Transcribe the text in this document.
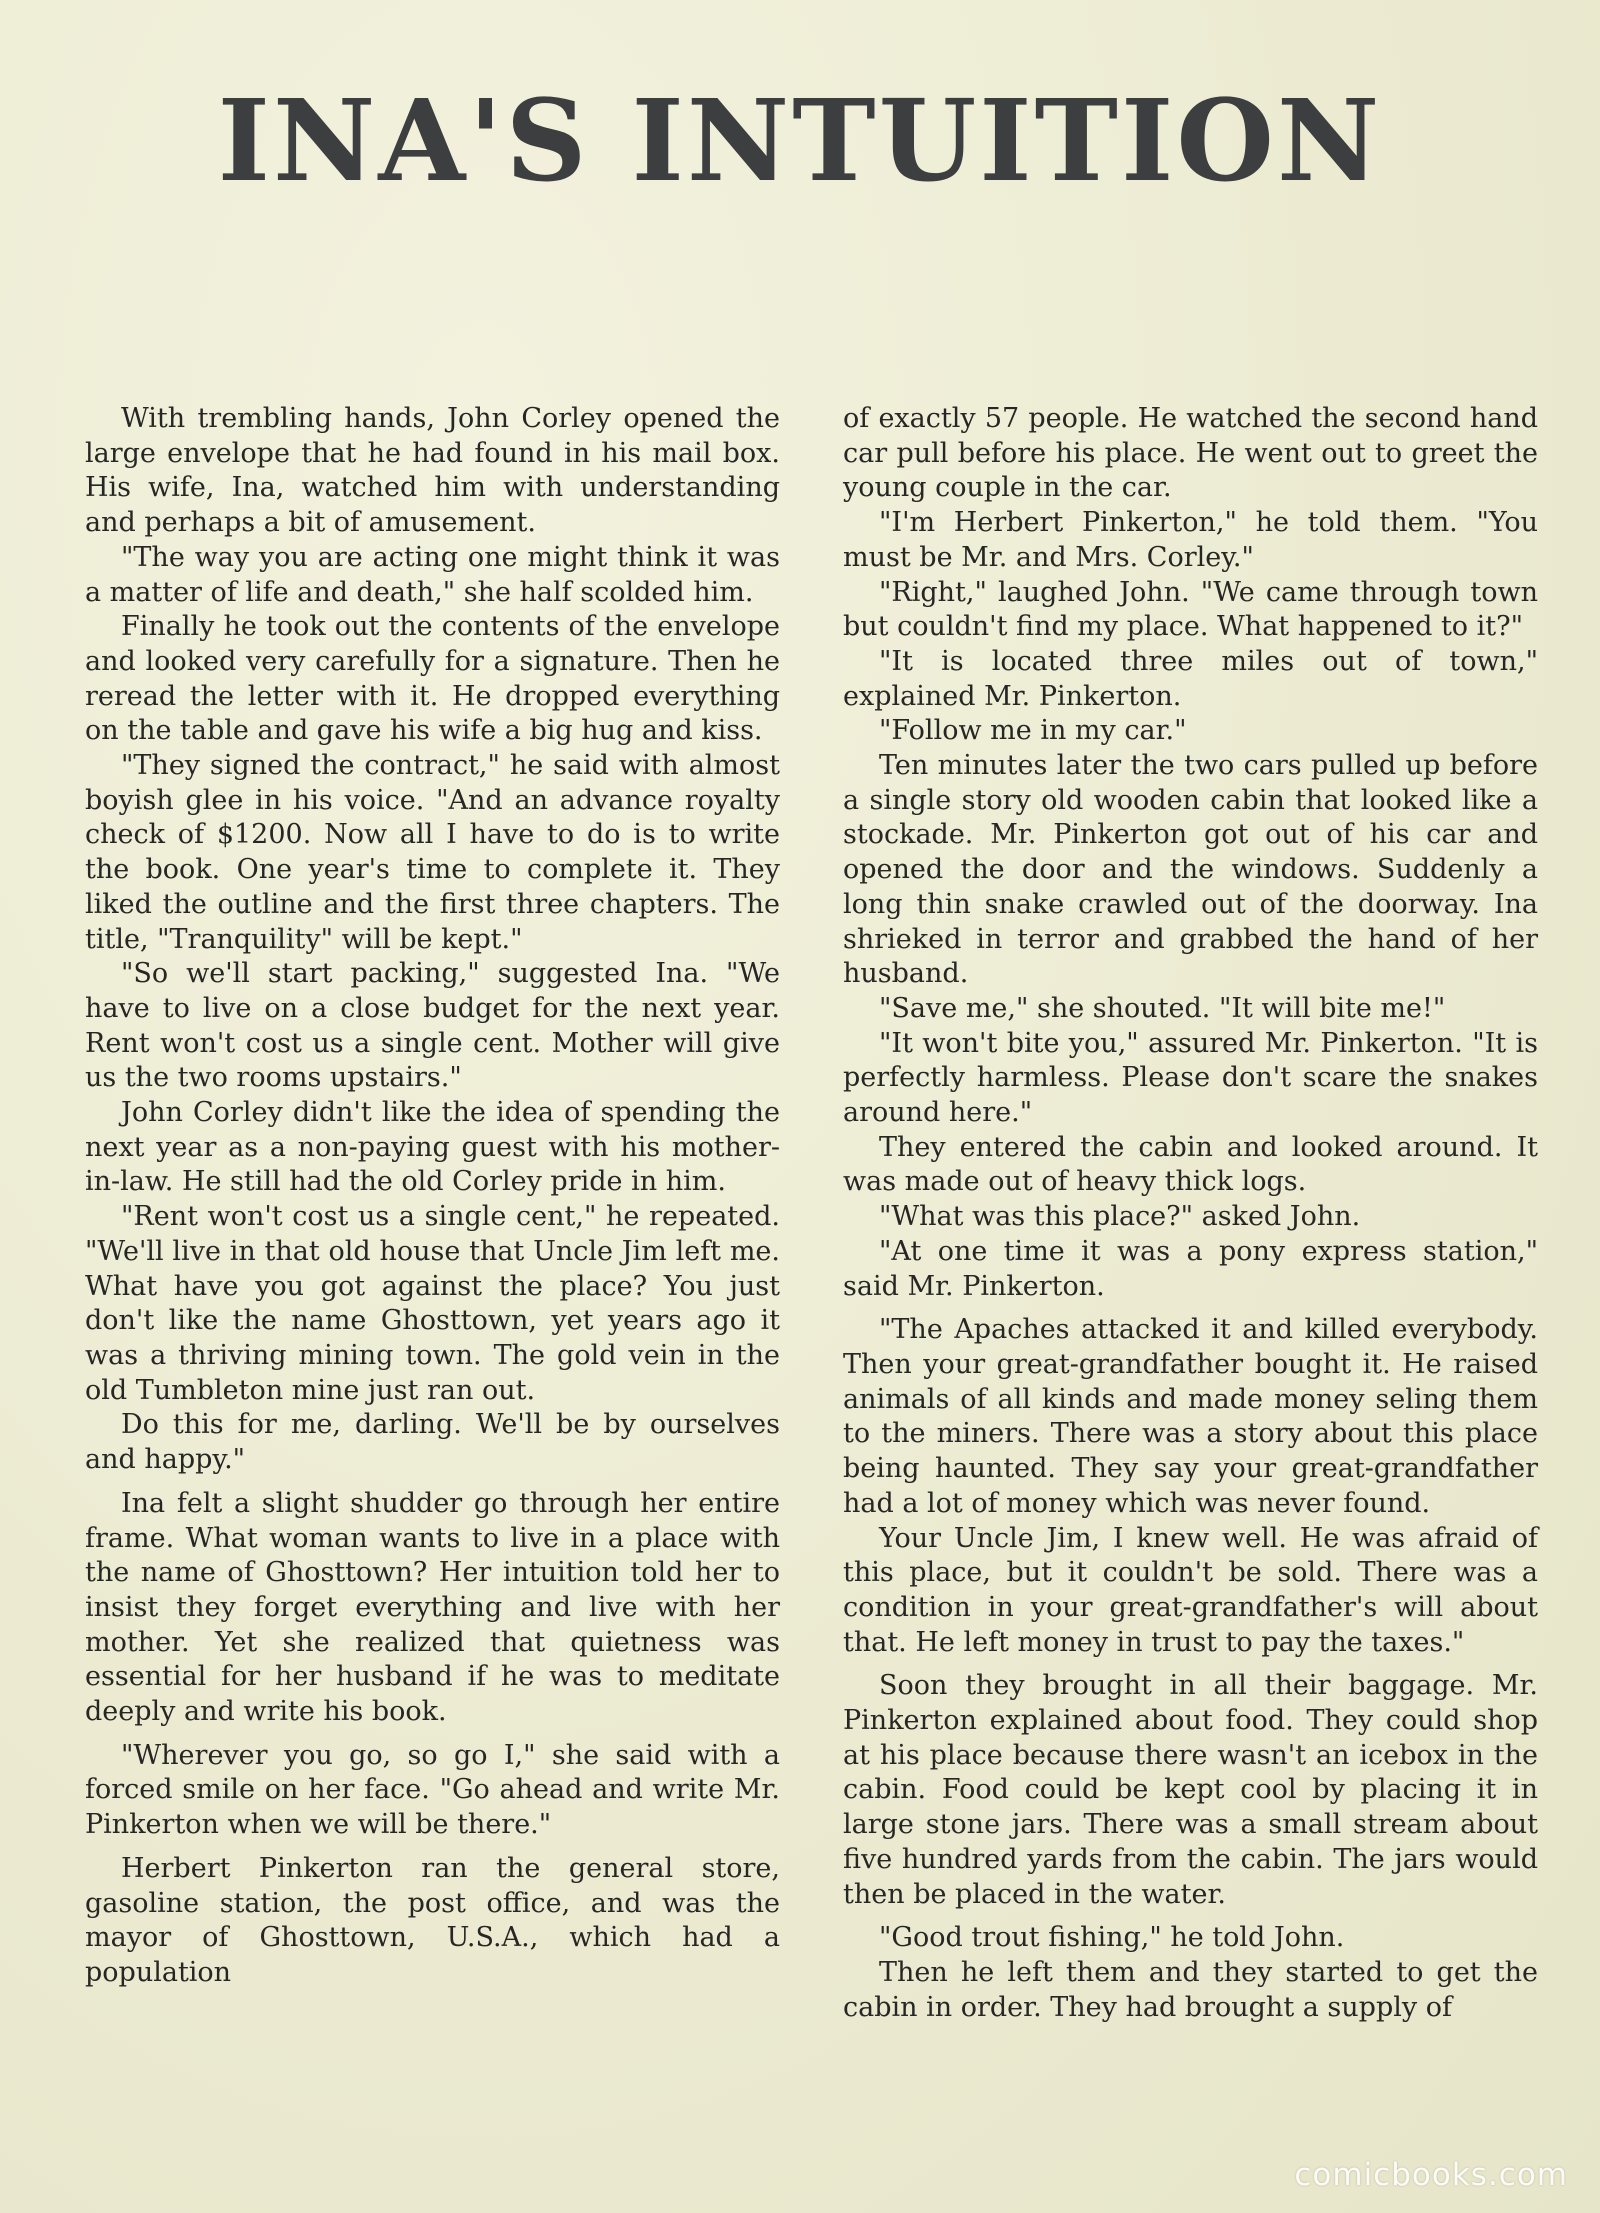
INA'S INTUITION

With trembling hands, John Corley opened the large envelope that he had found in his mail box. His wife, Ina, watched him with understanding and perhaps a bit of amusement.

"The way you are acting one might think it was a matter of life and death," she half scolded him.

Finally he took out the contents of the envelope and looked very carefully for a signature. Then he reread the letter with it. He dropped everything on the table and gave his wife a big hug and kiss.

"They signed the contract," he said with almost boyish glee in his voice. "And an advance royalty check of $1200. Now all I have to do is to write the book. One year's time to complete it. They liked the outline and the first three chapters. The title, "Tranquility" will be kept."

"So we'll start packing," suggested Ina. "We have to live on a close budget for the next year. Rent won't cost us a single cent. Mother will give us the two rooms upstairs."

John Corley didn't like the idea of spending the next year as a non-paying guest with his mother-in-law. He still had the old Corley pride in him.

"Rent won't cost us a single cent," he repeated. "We'll live in that old house that Uncle Jim left me. What have you got against the place? You just don't like the name Ghosttown, yet years ago it was a thriving mining town. The gold vein in the old Tumbleton mine just ran out.

Do this for me, darling. We'll be by ourselves and happy."

Ina felt a slight shudder go through her entire frame. What woman wants to live in a place with the name of Ghosttown? Her intuition told her to insist they forget everything and live with her mother. Yet she realized that quietness was essential for her husband if he was to meditate deeply and write his book.

"Wherever you go, so go I," she said with a forced smile on her face. "Go ahead and write Mr. Pinkerton when we will be there."

Herbert Pinkerton ran the general store, gasoline station, the post office, and was the mayor of Ghosttown, U.S.A., which had a population

of exactly 57 people. He watched the second hand car pull before his place. He went out to greet the young couple in the car.

"I'm Herbert Pinkerton," he told them. "You must be Mr. and Mrs. Corley."

"Right," laughed John. "We came through town but couldn't find my place. What happened to it?"

"It is located three miles out of town," explained Mr. Pinkerton.

"Follow me in my car."

Ten minutes later the two cars pulled up before a single story old wooden cabin that looked like a stockade. Mr. Pinkerton got out of his car and opened the door and the windows. Suddenly a long thin snake crawled out of the doorway. Ina shrieked in terror and grabbed the hand of her husband.

"Save me," she shouted. "It will bite me!"

"It won't bite you," assured Mr. Pinkerton. "It is perfectly harmless. Please don't scare the snakes around here."

They entered the cabin and looked around. It was made out of heavy thick logs.

"What was this place?" asked John.

"At one time it was a pony express station," said Mr. Pinkerton.

"The Apaches attacked it and killed everybody. Then your great-grandfather bought it. He raised animals of all kinds and made money seling them to the miners. There was a story about this place being haunted. They say your great-grandfather had a lot of money which was never found.

Your Uncle Jim, I knew well. He was afraid of this place, but it couldn't be sold. There was a condition in your great-grandfather's will about that. He left money in trust to pay the taxes."

Soon they brought in all their baggage. Mr. Pinkerton explained about food. They could shop at his place because there wasn't an icebox in the cabin. Food could be kept cool by placing it in large stone jars. There was a small stream about five hundred yards from the cabin. The jars would then be placed in the water.

"Good trout fishing," he told John.

Then he left them and they started to get the cabin in order. They had brought a supply of

comicbooks.com
